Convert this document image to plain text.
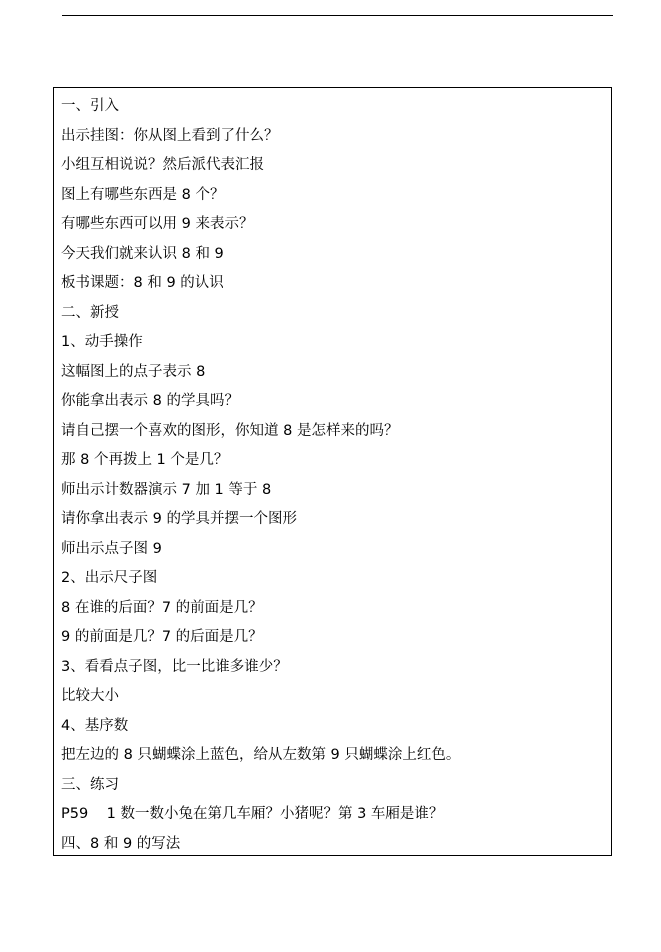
一、引入
出示挂图：你从图上看到了什么？
小组互相说说？然后派代表汇报
图上有哪些东西是 8 个？
有哪些东西可以用 9 来表示？
今天我们就来认识 8 和 9
板书课题：8 和 9 的认识
二、新授
1、动手操作
这幅图上的点子表示 8
你能拿出表示 8 的学具吗？
请自己摆一个喜欢的图形，你知道 8 是怎样来的吗？
那 8 个再拨上 1 个是几？
师出示计数器演示 7 加 1 等于 8
请你拿出表示 9 的学具并摆一个图形
师出示点子图 9
2、出示尺子图
8 在谁的后面？7 的前面是几？
9 的前面是几？7 的后面是几？
3、看看点子图，比一比谁多谁少？
比较大小
4、基序数
把左边的 8 只蝴蝶涂上蓝色，给从左数第 9 只蝴蝶涂上红色。
三、练习
P59    1 数一数小兔在第几车厢？小猪呢？第 3 车厢是谁？
四、8 和 9 的写法
